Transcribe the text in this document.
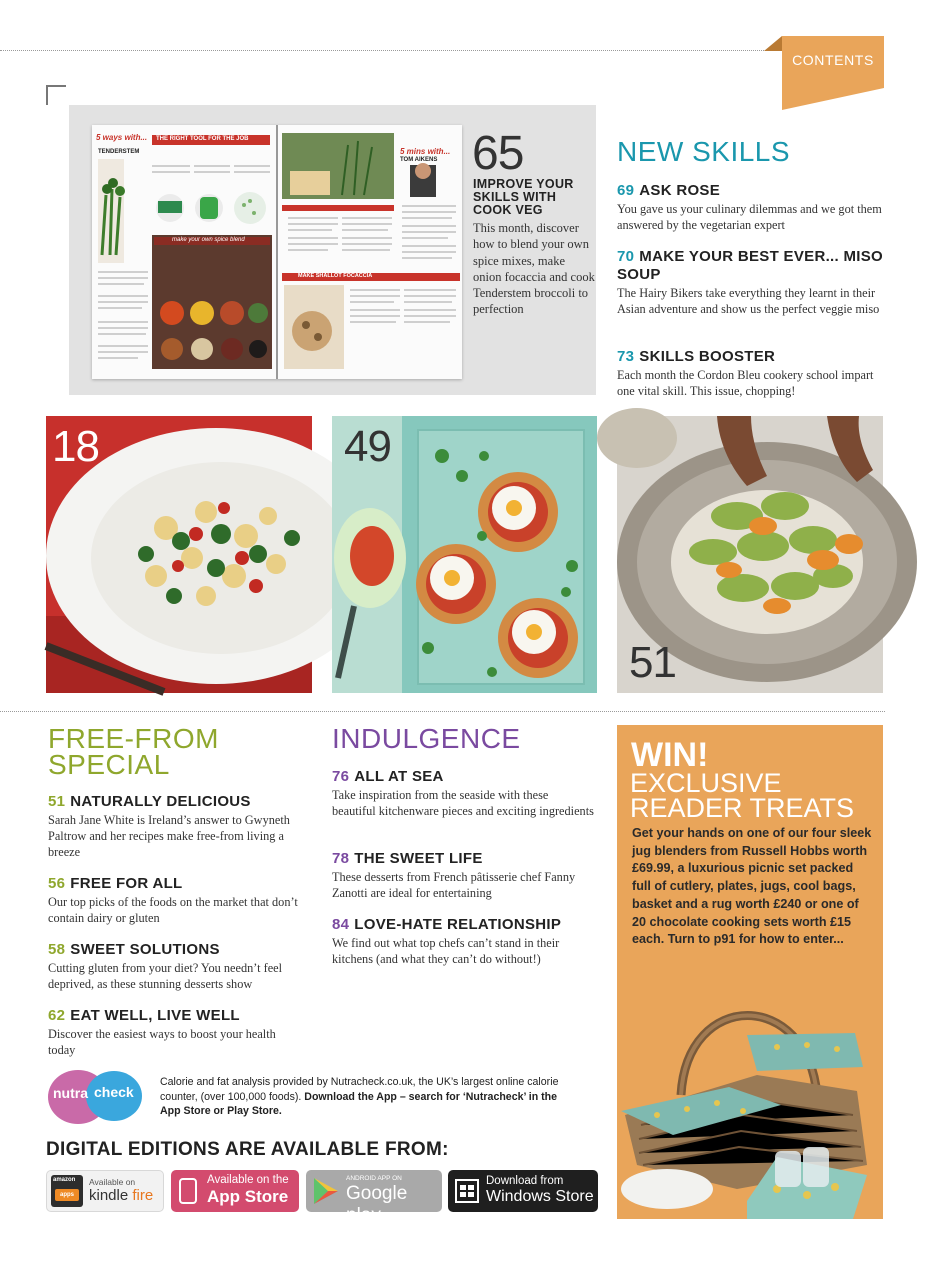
CONTENTS
5 ways with... THE RIGHT TOOL FOR THE JOB
TENDERSTEM
make your own spice blend
5 mins with...
TOM AIKENS
MAKE SHALLOT FOCACCIA
65
IMPROVE YOUR SKILLS WITH COOK VEG
This month, discover how to blend your own spice mixes, make onion focaccia and cook Tenderstem broccoli to perfection
NEW SKILLS
69 ASK ROSE
You gave us your culinary dilemmas and we got them answered by the vegetarian expert
70 MAKE YOUR BEST EVER... MISO SOUP
The Hairy Bikers take everything they learnt in their Asian adventure and show us the perfect veggie miso
73 SKILLS BOOSTER
Each month the Cordon Bleu cookery school impart one vital skill. This issue, chopping!
18	49
51
FREE-FROM
SPECIAL
51 NATURALLY DELICIOUS
Sarah Jane White is Ireland’s answer to Gwyneth Paltrow and her recipes make free-from living a breeze
56 FREE FOR ALL
Our top picks of the foods on the market that don’t contain dairy or gluten
58 SWEET SOLUTIONS
Cutting gluten from your diet? You needn’t feel deprived, as these stunning desserts show
62 EAT WELL, LIVE WELL
Discover the easiest ways to boost your health today
INDULGENCE
76 ALL AT SEA
Take inspiration from the seaside with these beautiful kitchenware pieces and exciting ingredients
78 THE SWEET LIFE
These desserts from French pâtisserie chef Fanny Zanotti are ideal for entertaining
84 LOVE-HATE RELATIONSHIP
We find out what top chefs can’t stand in their kitchens (and what they can’t do without!)
WIN!
EXCLUSIVE
READER TREATS
Get your hands on one of our four sleek jug blenders from Russell Hobbs worth £69.99, a luxurious picnic set packed full of cutlery, plates, jugs, cool bags, basket and a rug worth £240 or one of 20 chocolate cooking sets worth £15 each. Turn to p91 for how to enter...
nutra check
Calorie and fat analysis provided by Nutracheck.co.uk, the UK’s largest online calorie counter, (over 100,000 foods). Download the App – search for ‘Nutracheck’ in the App Store or Play Store.
DIGITAL EDITIONS ARE AVAILABLE FROM:
amazon
apps
Available on
kindle fire
Available on the
App Store
ANDROID APP ON
Google play
Download from
Windows Store
